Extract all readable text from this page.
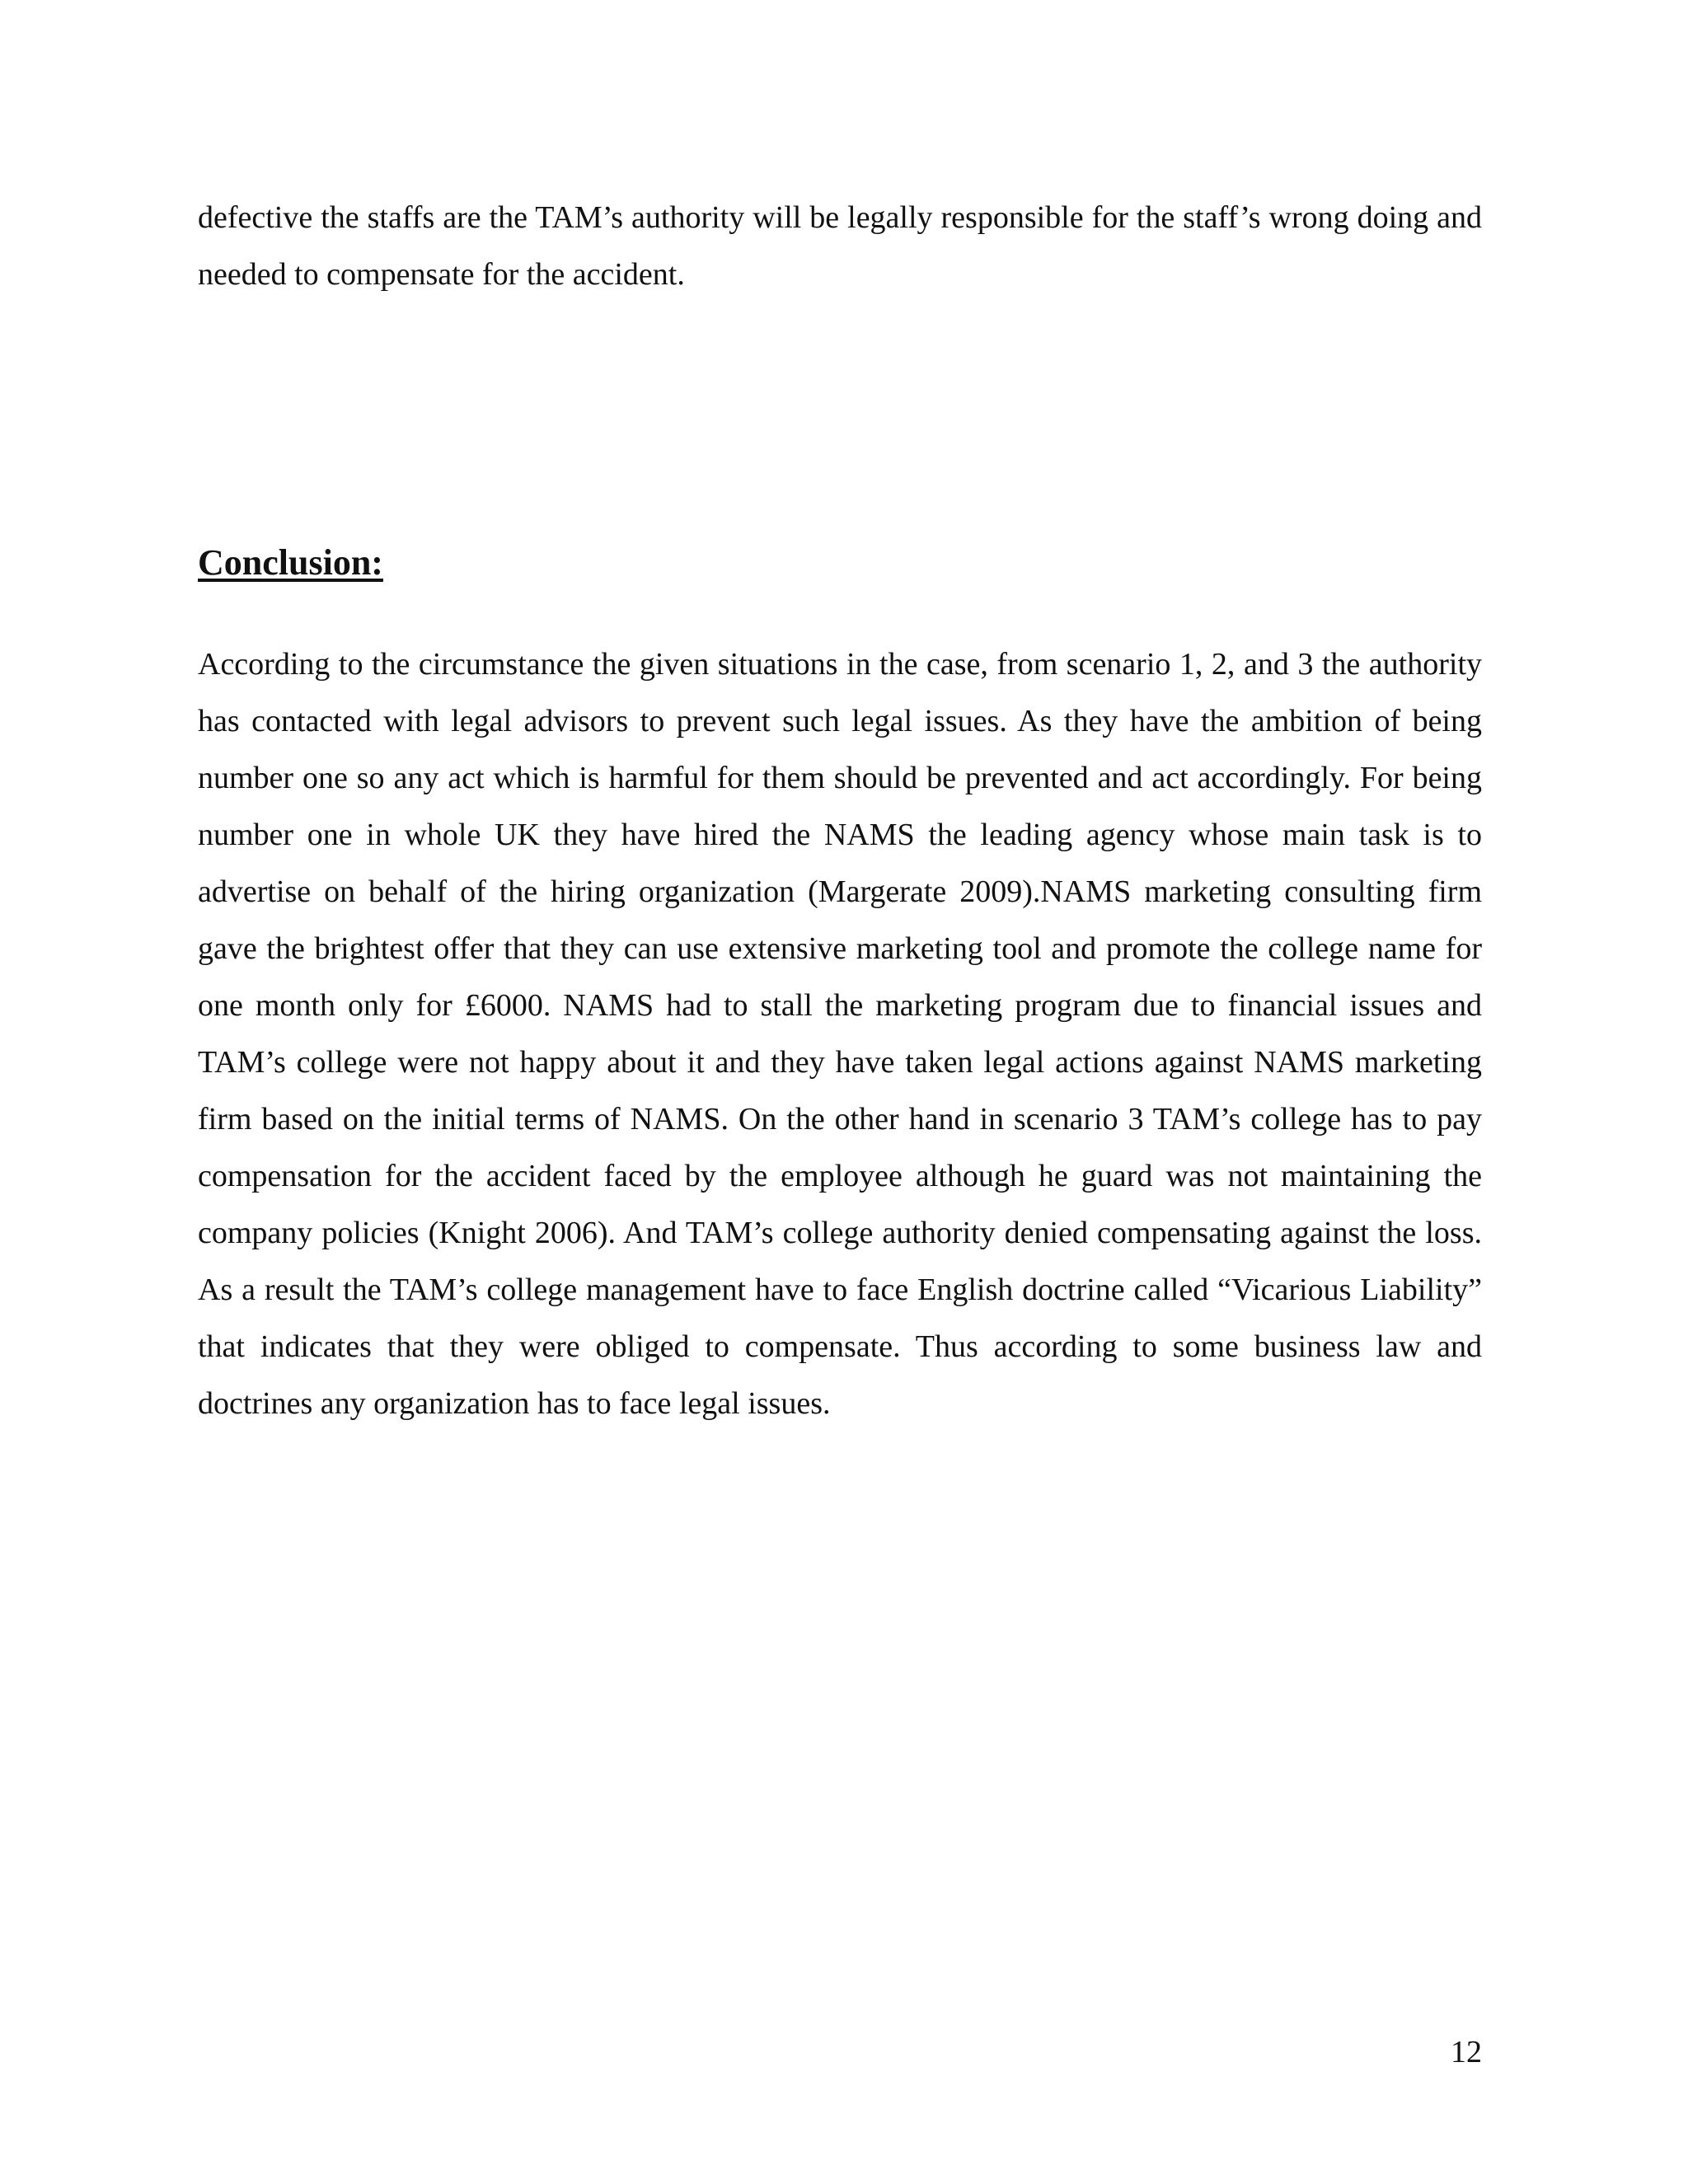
defective the staffs are the TAM’s authority will be legally responsible for the staff’s wrong doing and needed to compensate for the accident.

Conclusion:

According to the circumstance the given situations in the case, from scenario 1, 2, and 3 the authority has contacted with legal advisors to prevent such legal issues. As they have the ambition of being number one so any act which is harmful for them should be prevented and act accordingly. For being number one in whole UK they have hired the NAMS the leading agency whose main task is to advertise on behalf of the hiring organization (Margerate 2009).NAMS marketing consulting firm gave the brightest offer that they can use extensive marketing tool and promote the college name for one month only for £6000. NAMS had to stall the marketing program due to financial issues and TAM’s college were not happy about it and they have taken legal actions against NAMS marketing firm based on the initial terms of NAMS. On the other hand in scenario 3 TAM’s college has to pay compensation for the accident faced by the employee although he guard was not maintaining the company policies (Knight 2006). And TAM’s college authority denied compensating against the loss. As a result the TAM’s college management have to face English doctrine called “Vicarious Liability” that indicates that they were obliged to compensate. Thus according to some business law and doctrines any organization has to face legal issues.

12
